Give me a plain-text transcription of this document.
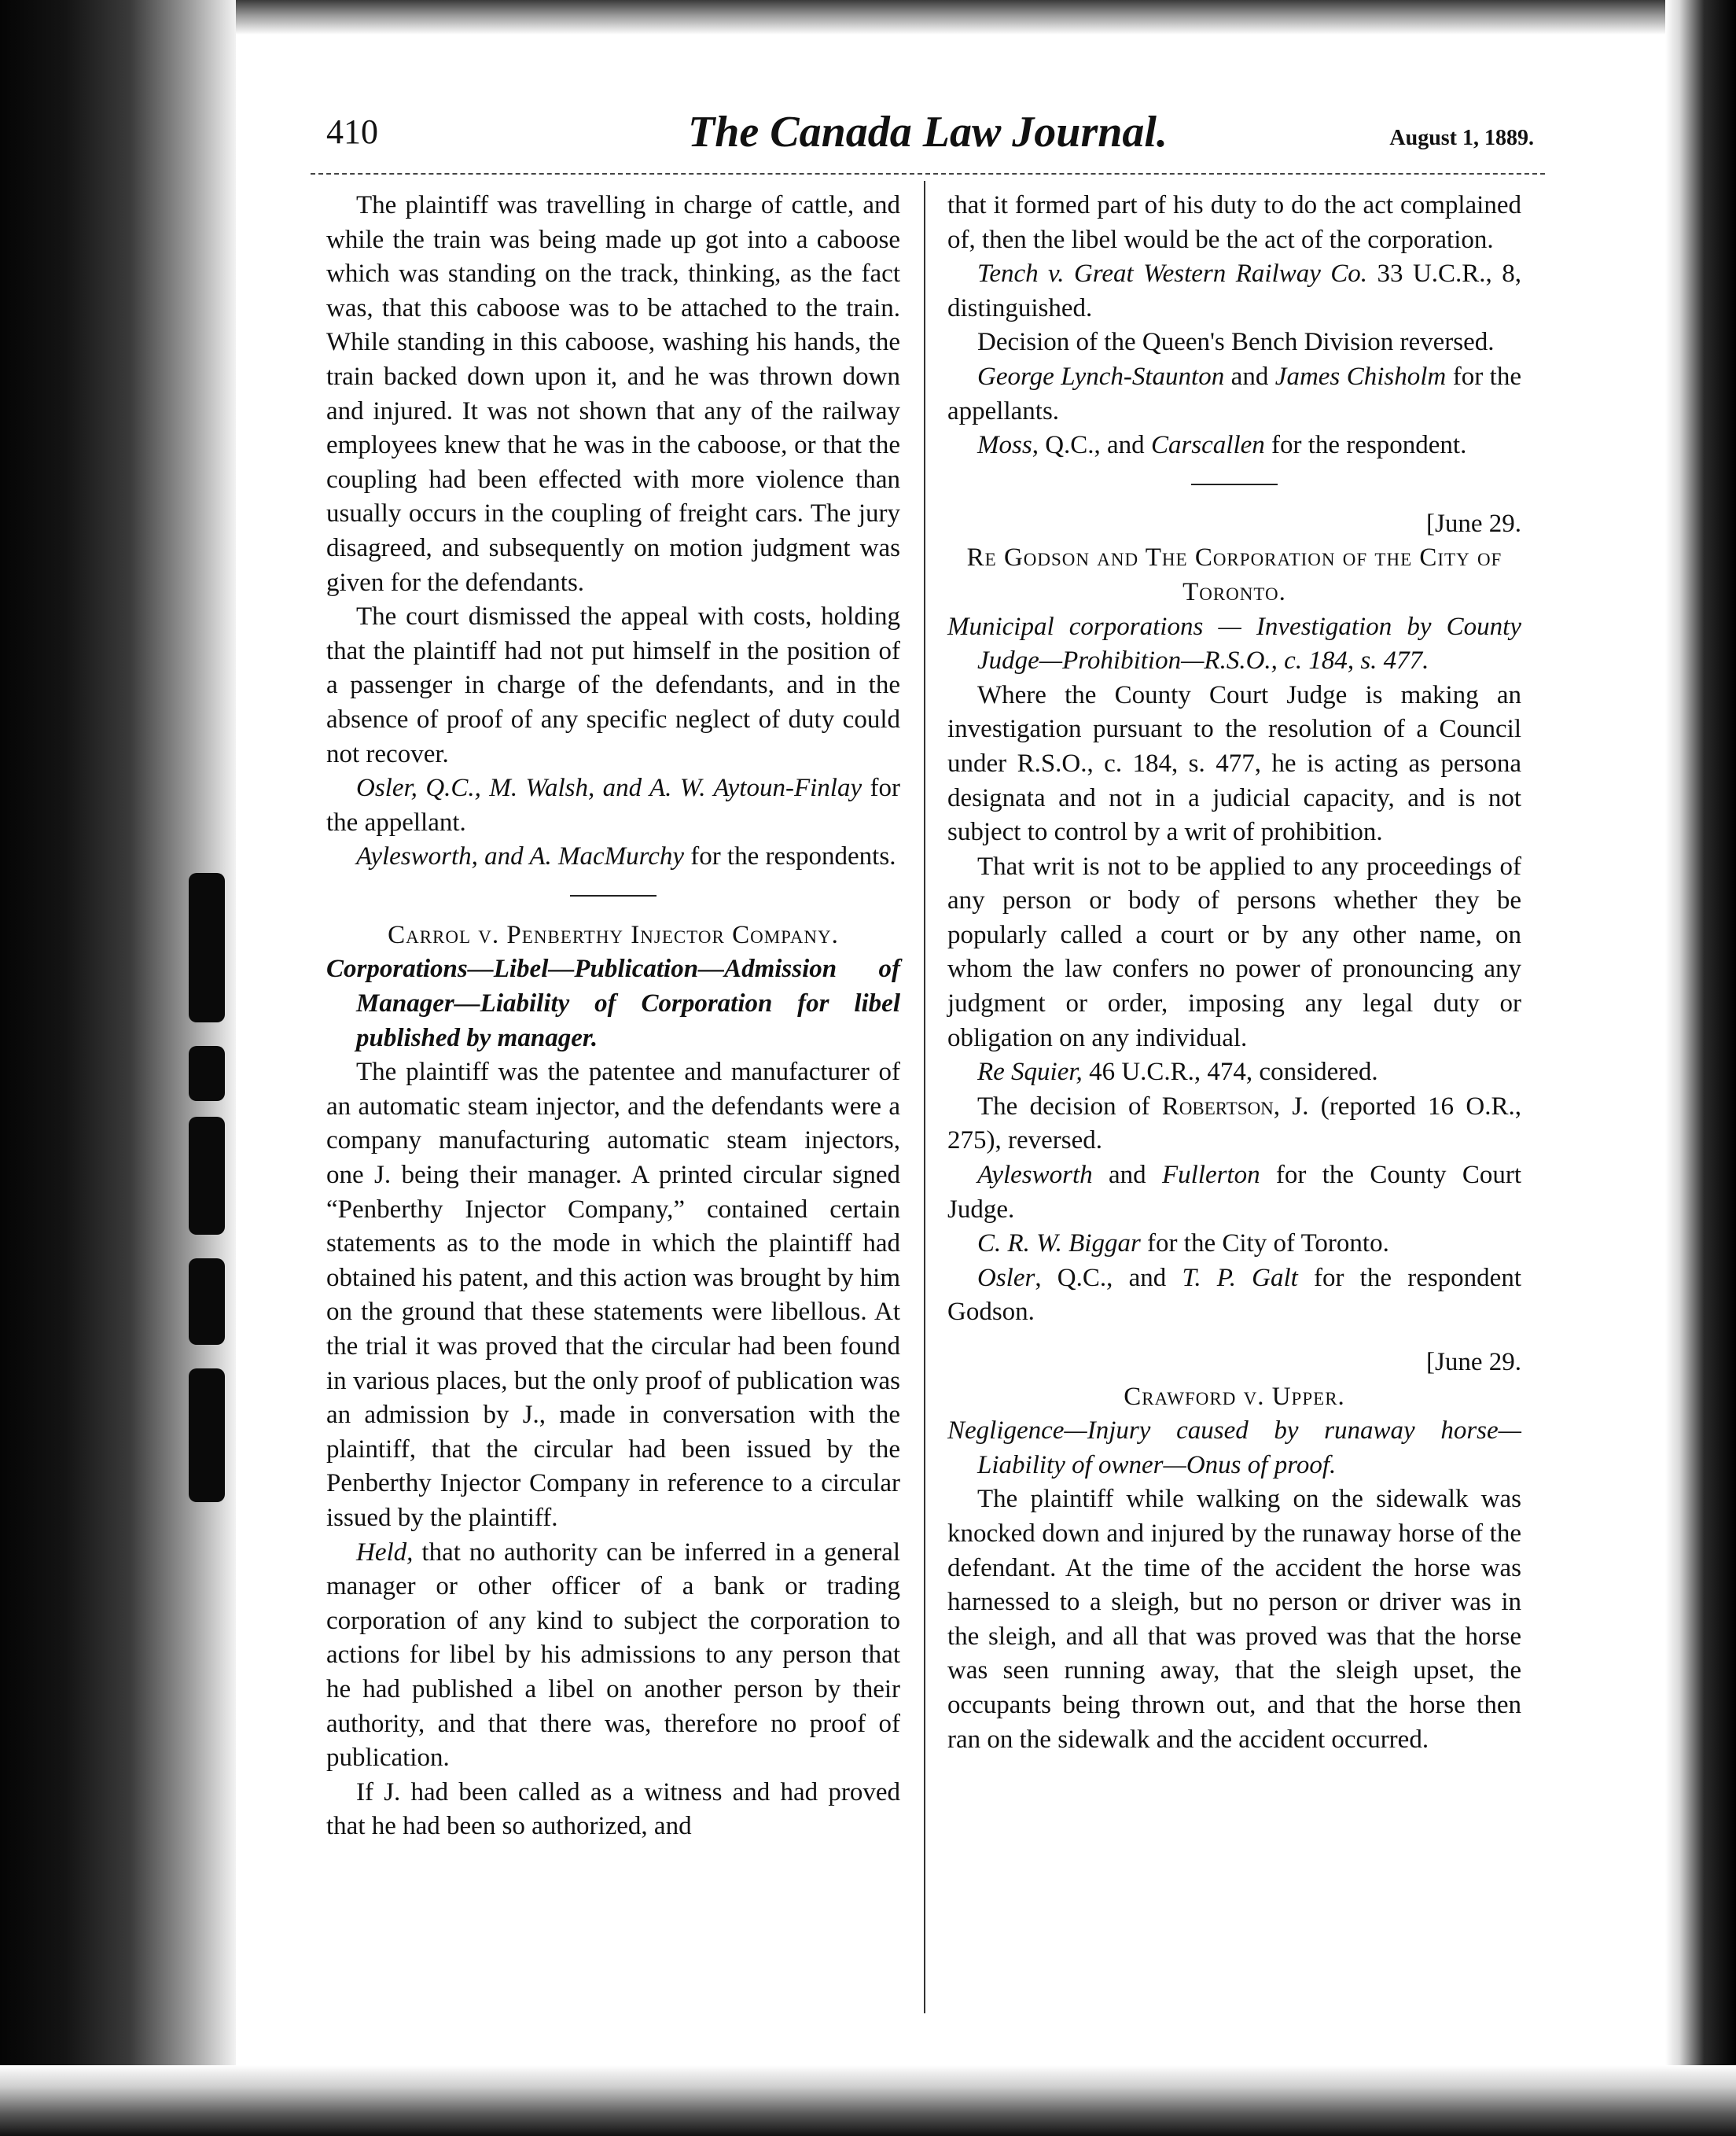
410	The Canada Law Journal.	August 1, 1889.

The plaintiff was travelling in charge of cattle, and while the train was being made up got into a caboose which was standing on the track, thinking, as the fact was, that this caboose was to be attached to the train. While standing in this caboose, washing his hands, the train backed down upon it, and he was thrown down and injured. It was not shown that any of the railway employees knew that he was in the caboose, or that the coupling had been effected with more violence than usually occurs in the coupling of freight cars. The jury disagreed, and subsequently on motion judgment was given for the defendants.

The court dismissed the appeal with costs, holding that the plaintiff had not put himself in the position of a passenger in charge of the defendants, and in the absence of proof of any specific neglect of duty could not recover.

Osler, Q.C., M. Walsh, and A. W. Aytoun-Finlay for the appellant.

Aylesworth, and A. MacMurchy for the respondents.

Carrol v. Penberthy Injector Company.

Corporations—Libel—Publication—Admission of Manager—Liability of Corporation for libel published by manager.

The plaintiff was the patentee and manufacturer of an automatic steam injector, and the defendants were a company manufacturing automatic steam injectors, one J. being their manager. A printed circular signed “Penberthy Injector Company,” contained certain statements as to the mode in which the plaintiff had obtained his patent, and this action was brought by him on the ground that these statements were libellous. At the trial it was proved that the circular had been found in various places, but the only proof of publication was an admission by J., made in conversation with the plaintiff, that the circular had been issued by the Penberthy Injector Company in reference to a circular issued by the plaintiff.

Held, that no authority can be inferred in a general manager or other officer of a bank or trading corporation of any kind to subject the corporation to actions for libel by his admissions to any person that he had published a libel on another person by their authority, and that there was, therefore no proof of publication.

If J. had been called as a witness and had proved that he had been so authorized, and

that it formed part of his duty to do the act complained of, then the libel would be the act of the corporation.

Tench v. Great Western Railway Co. 33 U.C.R., 8, distinguished.

Decision of the Queen's Bench Division reversed.

George Lynch-Staunton and James Chisholm for the appellants.

Moss, Q.C., and Carscallen for the respondent.

[June 29.

Re Godson and The Corporation of the City of Toronto.

Municipal corporations — Investigation by County Judge—Prohibition—R.S.O., c. 184, s. 477.

Where the County Court Judge is making an investigation pursuant to the resolution of a Council under R.S.O., c. 184, s. 477, he is acting as persona designata and not in a judicial capacity, and is not subject to control by a writ of prohibition.

That writ is not to be applied to any proceedings of any person or body of persons whether they be popularly called a court or by any other name, on whom the law confers no power of pronouncing any judgment or order, imposing any legal duty or obligation on any individual.

Re Squier, 46 U.C.R., 474, considered.

The decision of Robertson, J. (reported 16 O.R., 275), reversed.

Aylesworth and Fullerton for the County Court Judge.

C. R. W. Biggar for the City of Toronto.

Osler, Q.C., and T. P. Galt for the respondent Godson.

[June 29.

Crawford v. Upper.

Negligence—Injury caused by runaway horse—Liability of owner—Onus of proof.

The plaintiff while walking on the sidewalk was knocked down and injured by the runaway horse of the defendant. At the time of the accident the horse was harnessed to a sleigh, but no person or driver was in the sleigh, and all that was proved was that the horse was seen running away, that the sleigh upset, the occupants being thrown out, and that the horse then ran on the sidewalk and the accident occurred.
